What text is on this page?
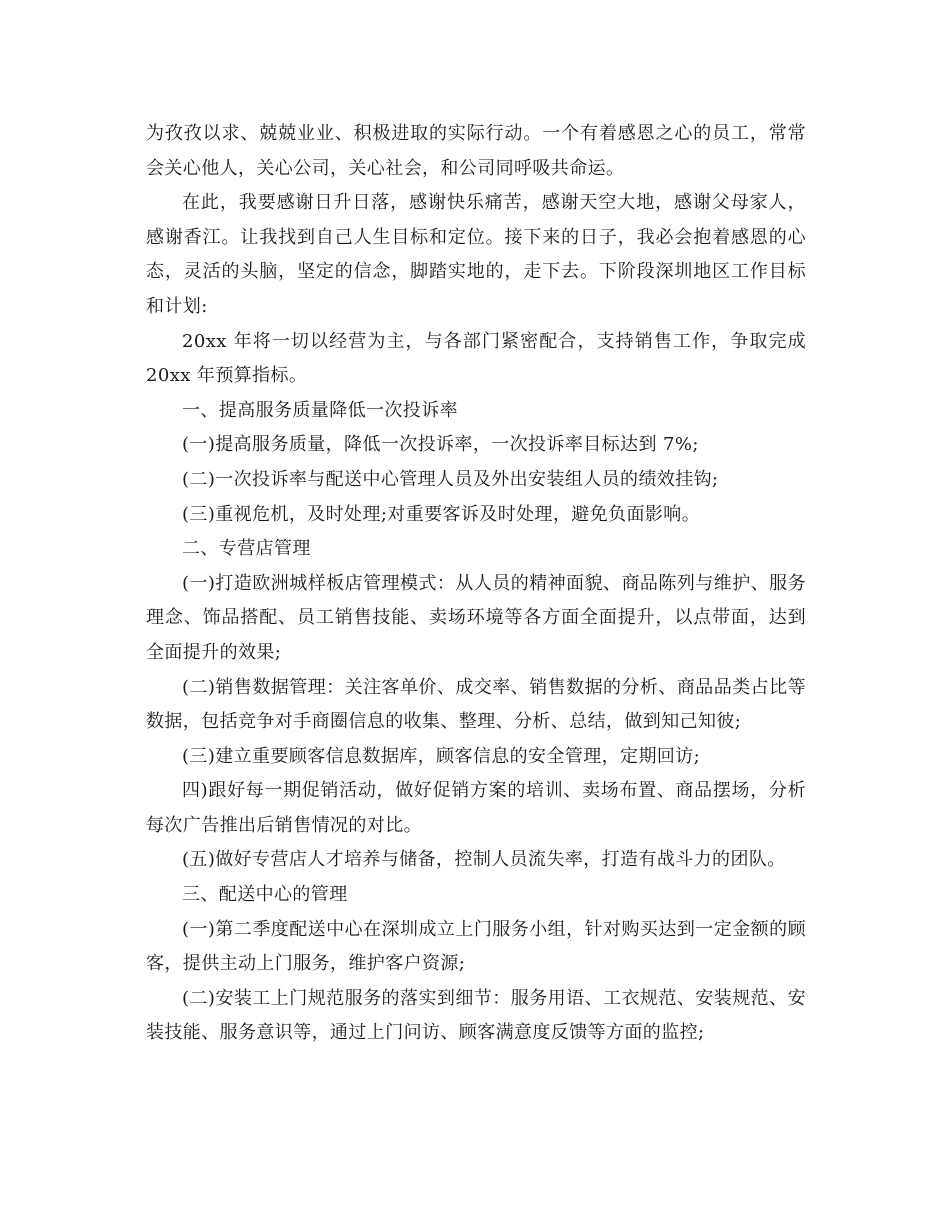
为孜孜以求、兢兢业业、积极进取的实际行动。一个有着感恩之心的员工，常常会关心他人，关心公司，关心社会，和公司同呼吸共命运。

在此，我要感谢日升日落，感谢快乐痛苦，感谢天空大地，感谢父母家人，感谢香江。让我找到自己人生目标和定位。接下来的日子，我必会抱着感恩的心态，灵活的头脑，坚定的信念，脚踏实地的，走下去。下阶段深圳地区工作目标和计划:

20xx 年将一切以经营为主，与各部门紧密配合，支持销售工作，争取完成 20xx 年预算指标。

一、提高服务质量降低一次投诉率

(一)提高服务质量，降低一次投诉率，一次投诉率目标达到 7%;

(二)一次投诉率与配送中心管理人员及外出安装组人员的绩效挂钩;

(三)重视危机，及时处理;对重要客诉及时处理，避免负面影响。

二、专营店管理

(一)打造欧洲城样板店管理模式：从人员的精神面貌、商品陈列与维护、服务理念、饰品搭配、员工销售技能、卖场环境等各方面全面提升，以点带面，达到全面提升的效果;

(二)销售数据管理：关注客单价、成交率、销售数据的分析、商品品类占比等数据，包括竞争对手商圈信息的收集、整理、分析、总结，做到知己知彼;

(三)建立重要顾客信息数据库，顾客信息的安全管理，定期回访;

四)跟好每一期促销活动，做好促销方案的培训、卖场布置、商品摆场，分析每次广告推出后销售情况的对比。

(五)做好专营店人才培养与储备，控制人员流失率，打造有战斗力的团队。

三、配送中心的管理

(一)第二季度配送中心在深圳成立上门服务小组，针对购买达到一定金额的顾客，提供主动上门服务，维护客户资源;

(二)安装工上门规范服务的落实到细节：服务用语、工衣规范、安装规范、安装技能、服务意识等，通过上门问访、顾客满意度反馈等方面的监控;
